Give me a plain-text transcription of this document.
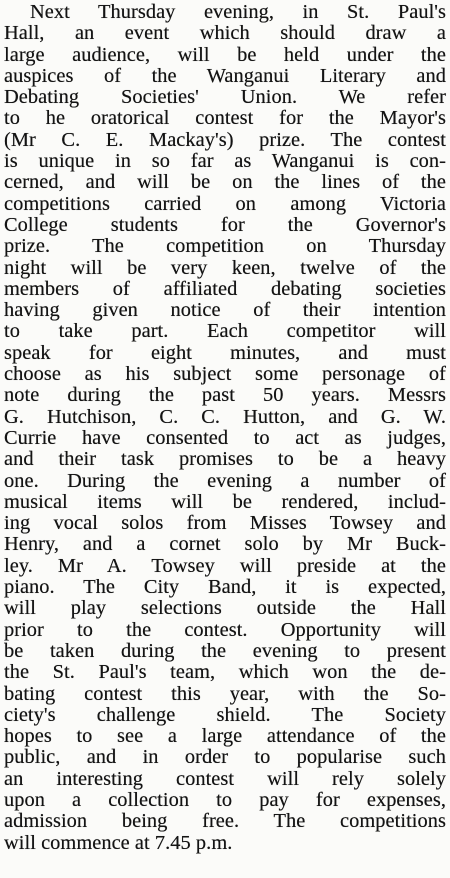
Next Thursday evening, in St. Paul's
Hall, an event which should draw a
large audience, will be held under the
auspices of the Wanganui Literary and
Debating Societies' Union. We refer
to he oratorical contest for the Mayor's
(Mr C. E. Mackay's) prize. The contest
is unique in so far as Wanganui is con-
cerned, and will be on the lines of the
competitions carried on among Victoria
College students for the Governor's
prize. The competition on Thursday
night will be very keen, twelve of the
members of affiliated debating societies
having given notice of their intention
to take part. Each competitor will
speak for eight minutes, and must
choose as his subject some personage of
note during the past 50 years. Messrs
G. Hutchison, C. C. Hutton, and G. W.
Currie have consented to act as judges,
and their task promises to be a heavy
one. During the evening a number of
musical items will be rendered, includ-
ing vocal solos from Misses Towsey and
Henry, and a cornet solo by Mr Buck-
ley. Mr A. Towsey will preside at the
piano. The City Band, it is expected,
will play selections outside the Hall
prior to the contest. Opportunity will
be taken during the evening to present
the St. Paul's team, which won the de-
bating contest this year, with the So-
ciety's challenge shield. The Society
hopes to see a large attendance of the
public, and in order to popularise such
an interesting contest will rely solely
upon a collection to pay for expenses,
admission being free. The competitions
will commence at 7.45 p.m.
